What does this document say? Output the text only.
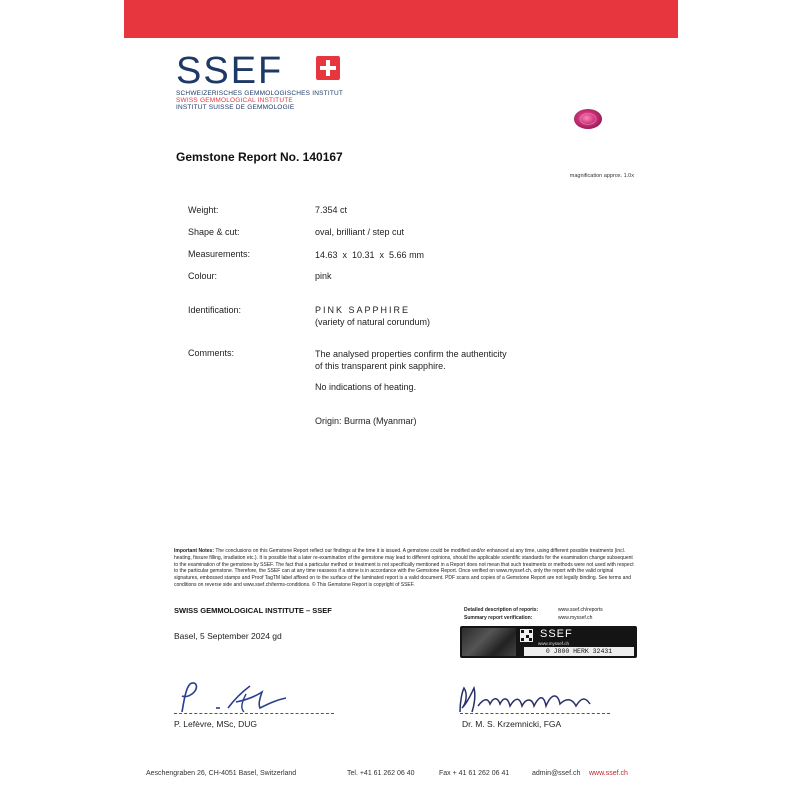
SSEF
SCHWEIZERISCHES GEMMOLOGISCHES INSTITUT
SWISS GEMMOLOGICAL INSTITUTE
INSTITUT SUISSE DE GEMMOLOGIE
Gemstone Report No. 140167
magnification approx. 1.0x
Weight:	7.354 ct
Shape & cut:	oval, brilliant / step cut
Measurements:	14.63  x  10.31  x  5.66 mm
Colour:	pink
Identification:	PINK SAPPHIRE
(variety of natural corundum)
Comments:	The analysed properties confirm the authenticity
of this transparent pink sapphire.
No indications of heating.
Origin: Burma (Myanmar)
Important Notes: The conclusions on this Gemstone Report reflect our findings at the time it is issued. A gemstone could be modified and/or enhanced at any time, using different possible treatments (incl. heating, fissure filling, irradiation etc.). It is possible that a later re-examination of the gemstone may lead to different opinions, should the applicable scientific standards for the examination change subsequent to the examination of the gemstone by SSEF. The fact that a particular method or treatment is not specifically mentioned in a Report does not mean that such treatments or methods were not used with respect to the particular gemstone. Therefore, the SSEF can at any time reassess if a stone is in accordance with the Gemstone Report. Once verified on www.myssef.ch, only the report with the valid original signatures, embossed stamps and Proof TagTM label affixed on to the surface of the laminated report is a valid document. PDF scans and copies of a Gemstone Report are not legally binding. See terms and conditions on reverse side and www.ssef.ch/terms-conditions. © This Gemstone Report is copyright of SSEF.
SWISS GEMMOLOGICAL INSTITUTE – SSEF
Basel, 5 September 2024 gd
Detailed description of reports:	www.ssef.ch/reports
Summary report verification:	www.myssef.ch
SSEF
www.myssef.ch
0 J800 HERK 32431
P. Lefèvre, MSc, DUG	Dr. M. S. Krzemnicki, FGA
Aeschengraben 26, CH-4051 Basel, Switzerland	Tel. +41 61 262 06 40	Fax + 41 61 262 06 41	admin@ssef.ch www.ssef.ch
